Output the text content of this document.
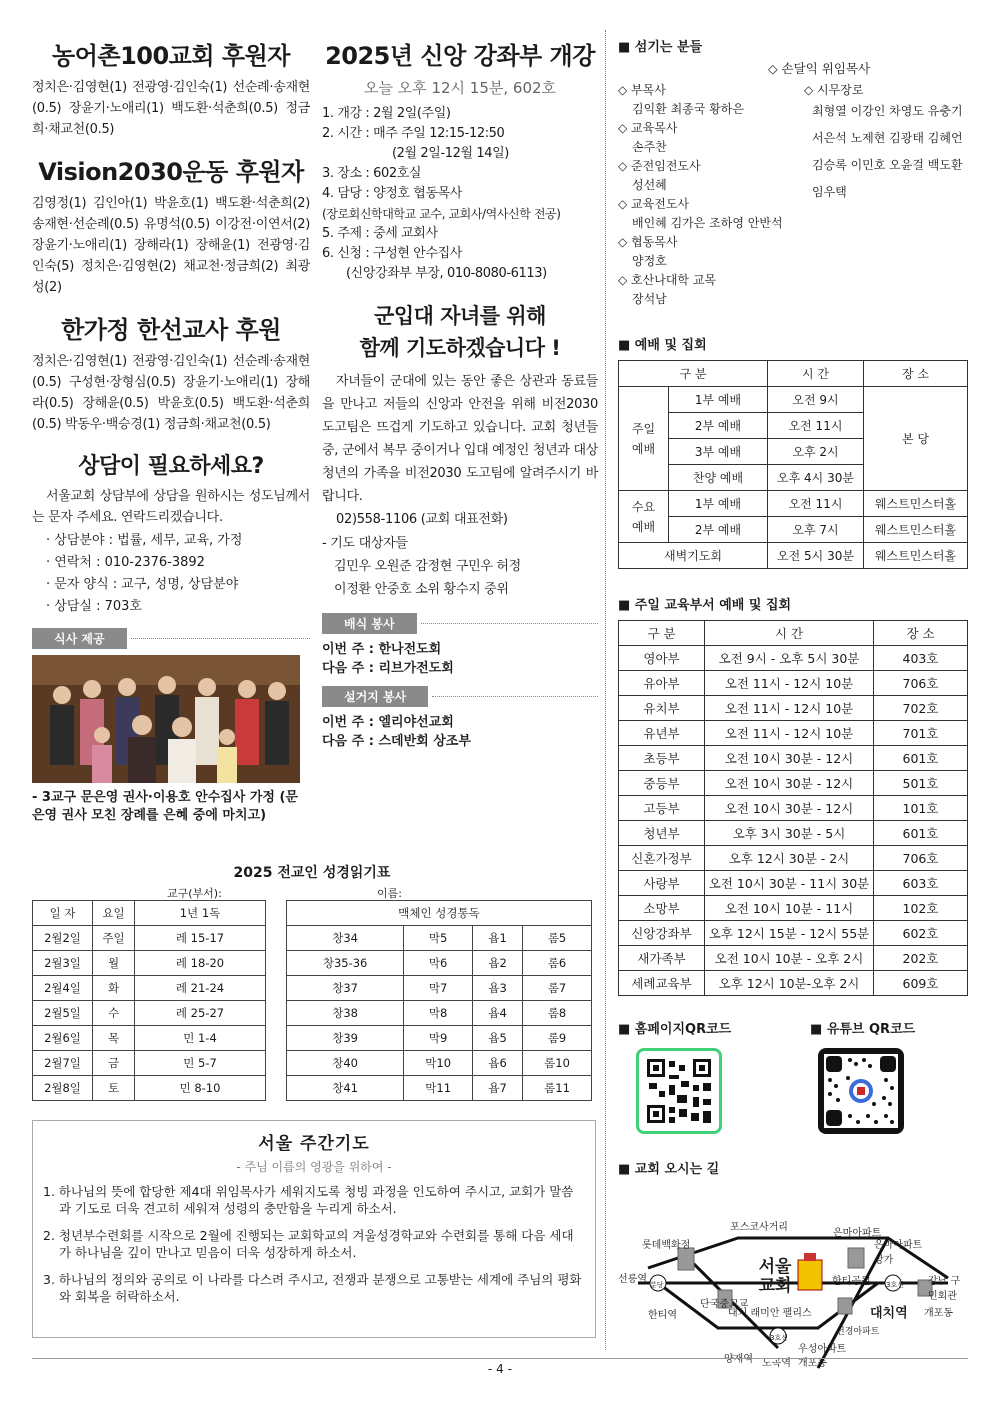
농어촌100교회 후원자

정치은·김영현(1) 전광영·김인숙(1) 선순례·송재현(0.5) 장윤기·노애리(1) 백도환·석춘희(0.5) 정금희·채교천(0.5)

Vision2030운동 후원자

김영정(1) 김인아(1) 박윤호(1) 백도환·석춘희(2) 송재현·선순례(0.5) 유명석(0.5) 이강전·이연서(2) 장윤기·노애리(1) 장해라(1) 장해윤(1) 전광영·김인숙(5) 정치은·김영현(2) 채교천·정금희(2) 최광성(2)

한가정 한선교사 후원

정치은·김영현(1) 전광영·김인숙(1) 선순례·송재현(0.5) 구성현·장형심(0.5) 장윤기·노애리(1) 장해라(0.5) 장해윤(0.5) 박윤호(0.5) 백도환·석춘희(0.5) 박동우·백승경(1) 정금희·채교천(0.5)

상담이 필요하세요?

서울교회 상담부에 상담을 원하시는 성도님께서는 문자 주세요. 연락드리겠습니다.

· 상담분야 : 법률, 세무, 교육, 가정
· 연락처 : 010-2376-3892
· 문자 양식 : 교구, 성명, 상담분야
· 상담실 : 703호
식사 제공

- 3교구 문은영 권사·이용호 안수집사 가정 (문은영 권사 모친 장례를 은혜 중에 마치고)

2025년 신앙 강좌부 개강
오늘 오후 12시 15분, 602호
1. 개강 : 2월 2일(주일)
2. 시간 : 매주 주일 12:15-12:50
(2월 2일-12월 14일)
3. 장소 : 602호실
4. 담당 : 양정호 협동목사
(장로회신학대학교 교수, 교회사/역사신학 전공)
5. 주제 : 중세 교회사
6. 신청 : 구성현 안수집사
(신앙강좌부 부장, 010-8080-6113)
군입대 자녀를 위해
함께 기도하겠습니다 !

자녀들이 군대에 있는 동안 좋은 상관과 동료들을 만나고 저들의 신앙과 안전을 위해 비전2030 도고팀은 뜨겁게 기도하고 있습니다. 교회 청년들 중, 군에서 복무 중이거나 입대 예정인 청년과 대상 청년의 가족을 비전2030 도고팀에 알려주시기 바랍니다.

02)558-1106 (교회 대표전화)

- 기도 대상자들

김민우 오원준 감정현 구민우 허정

이정환 안중호 소위 황수지 중위

배식 봉사

이번 주 : 한나전도회

다음 주 : 리브가전도회

설거지 봉사

이번 주 : 엘리야선교회

다음 주 : 스데반회 상조부

2025 전교인 성경읽기표
교구(부서):	이름:
일 자	요일	1년 1독
2월2일	주일	레 15-17
2월3일	월	레 18-20
2월4일	화	레 21-24
2월5일	수	레 25-27
2월6일	목	민 1-4
2월7일	금	민 5-7
2월8일	토	민 8-10
맥체인 성경통독			
창34	막5	욥1	롬5
창35-36	막6	욥2	롬6
창37	막7	욥3	롬7
창38	막8	욥4	롬8
창39	막9	욥5	롬9
창40	막10	욥6	롬10
창41	막11	욥7	롬11
서울 주간기도
- 주님 이름의 영광을 위하여 -

1. 하나님의 뜻에 합당한 제4대 위임목사가 세워지도록 청빙 과정을 인도하여 주시고, 교회가 말씀과 기도로 더욱 견고히 세워져 성령의 충만함을 누리게 하소서.

2. 청년부수련회를 시작으로 2월에 진행되는 교회학교의 겨울성경학교와 수련회를 통해 다음 세대가 하나님을 깊이 만나고 믿음이 더욱 성장하게 하소서.

3. 하나님의 정의와 공의로 이 나라를 다스려 주시고, 전쟁과 분쟁으로 고통받는 세계에 주님의 평화와 회복을 허락하소서.

■ 섬기는 분들
◇ 손달익 위임목사
◇ 부목사
김익환 최종국 황하은
◇ 교육목사
손주찬
◇ 준전임전도사
성선혜
◇ 교육전도사
배인혜 김가은 조하영 안반석
◇ 협동목사
양정호
◇ 호산나대학 교목
장석남
◇ 시무장로
최형열 이강인 차영도 유충기
서은석 노제현 김광태 김혜언
김승록 이민호 오윤걸 백도환
임우택
■ 예배 및 집회
구 분		시 간	장 소
주일
예배	1부 예배	오전 9시	본 당
	2부 예배	오전 11시	
	3부 예배	오후 2시	
	찬양 예배	오후 4시 30분	
수요
예배	1부 예배	오전 11시	웨스트민스터홀
	2부 예배	오후 7시	웨스트민스터홀
새벽기도회		오전 5시 30분	웨스트민스터홀
■ 주일 교육부서 예배 및 집회
구 분	시 간	장 소
영아부	오전 9시 - 오후 5시 30분	403호
유아부	오전 11시 - 12시 10분	706호
유치부	오전 11시 - 12시 10분	702호
유년부	오전 11시 - 12시 10분	701호
초등부	오전 10시 30분 - 12시	601호
중등부	오전 10시 30분 - 12시	501호
고등부	오전 10시 30분 - 12시	101호
청년부	오후 3시 30분 - 5시	601호
신혼가정부	오후 12시 30분 - 2시	706호
사랑부	오전 10시 30분 - 11시 30분	603호
소망부	오전 10시 10분 - 11시	102호
신앙강좌부	오후 12시 15분 - 12시 55분	602호
새가족부	오전 10시 10분 - 오후 2시	202호
세례교육부	오후 12시 10분-오후 2시	609호
■ 홈페이지QR코드	■ 유튜브 QR코드
■ 교회 오시는 길
포스코사거리
롯데백화점
은마아파트
은마아파트 상가
선릉역 분당
한티역
단국중고교
서울 교회	한티공원	강남 구민회관
대치역
3호선
대치 래미안 팰리스
선경아파트
개포동
3호선
도곡역
양재역
우성아파트
개포동
- 4 -
